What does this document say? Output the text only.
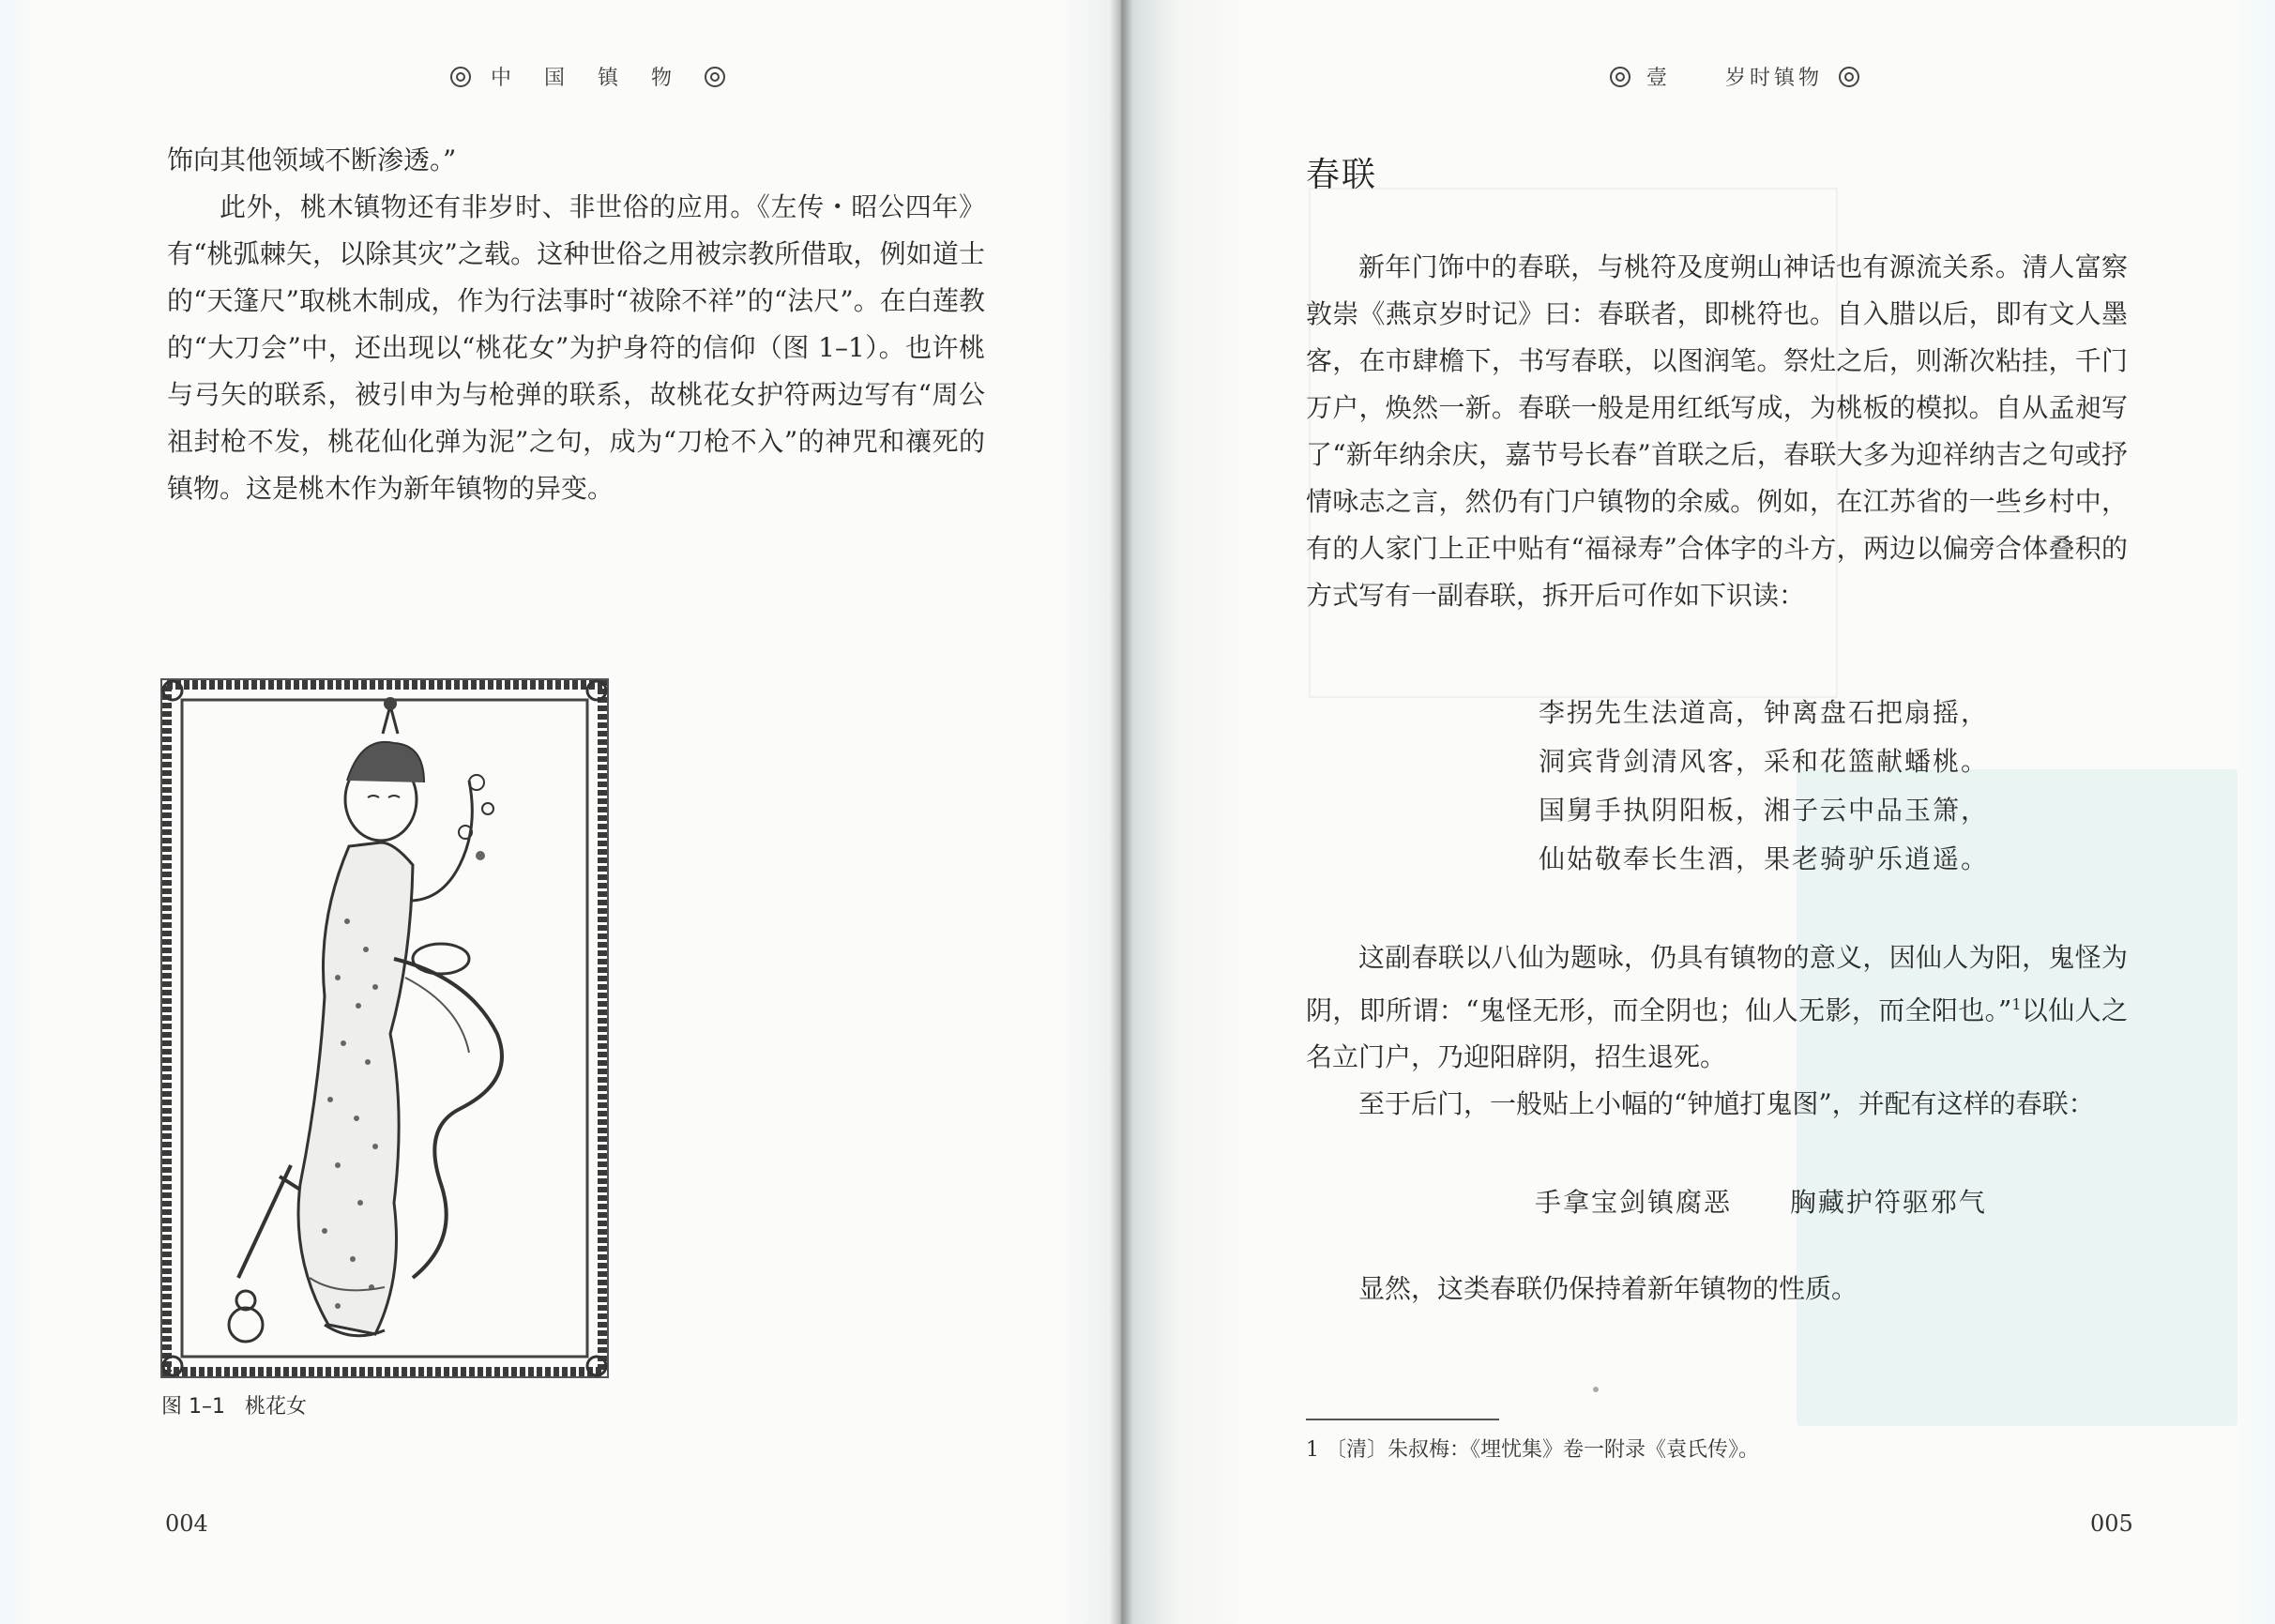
中 国 镇 物	壹 岁时镇物

饰向其他领域不断渗透。”

此外，桃木镇物还有非岁时、非世俗的应用。《左传・昭公四年》有“桃弧棘矢，以除其灾”之载。这种世俗之用被宗教所借取，例如道士的“天篷尺”取桃木制成，作为行法事时“祓除不祥”的“法尺”。在白莲教的“大刀会”中，还出现以“桃花女”为护身符的信仰（图 1–1）。也许桃与弓矢的联系，被引申为与枪弹的联系，故桃花女护符两边写有“周公祖封枪不发，桃花仙化弹为泥”之句，成为“刀枪不入”的神咒和禳死的镇物。这是桃木作为新年镇物的异变。

图 1–1 桃花女
004
春联

新年门饰中的春联，与桃符及度朔山神话也有源流关系。清人富察敦崇《燕京岁时记》曰：春联者，即桃符也。自入腊以后，即有文人墨客，在市肆檐下，书写春联，以图润笔。祭灶之后，则渐次粘挂，千门万户，焕然一新。春联一般是用红纸写成，为桃板的模拟。自从孟昶写了“新年纳余庆，嘉节号长春”首联之后，春联大多为迎祥纳吉之句或抒情咏志之言，然仍有门户镇物的余威。例如，在江苏省的一些乡村中，有的人家门上正中贴有“福禄寿”合体字的斗方，两边以偏旁合体叠积的方式写有一副春联，拆开后可作如下识读：

李拐先生法道高，钟离盘石把扇摇，
洞宾背剑清风客，采和花篮献蟠桃。
国舅手执阴阳板，湘子云中品玉箫，
仙姑敬奉长生酒，果老骑驴乐逍遥。

这副春联以八仙为题咏，仍具有镇物的意义，因仙人为阳，鬼怪为阴，即所谓：“鬼怪无形，而全阴也；仙人无影，而全阳也。”$^1$以仙人之名立门户，乃迎阳辟阴，招生退死。

至于后门，一般贴上小幅的“钟馗打鬼图”，并配有这样的春联：

手拿宝剑镇腐恶 胸藏护符驱邪气
显然，这类春联仍保持着新年镇物的性质。
1 〔清〕朱叔梅：《埋忧集》卷一附录《袁氏传》。
005
